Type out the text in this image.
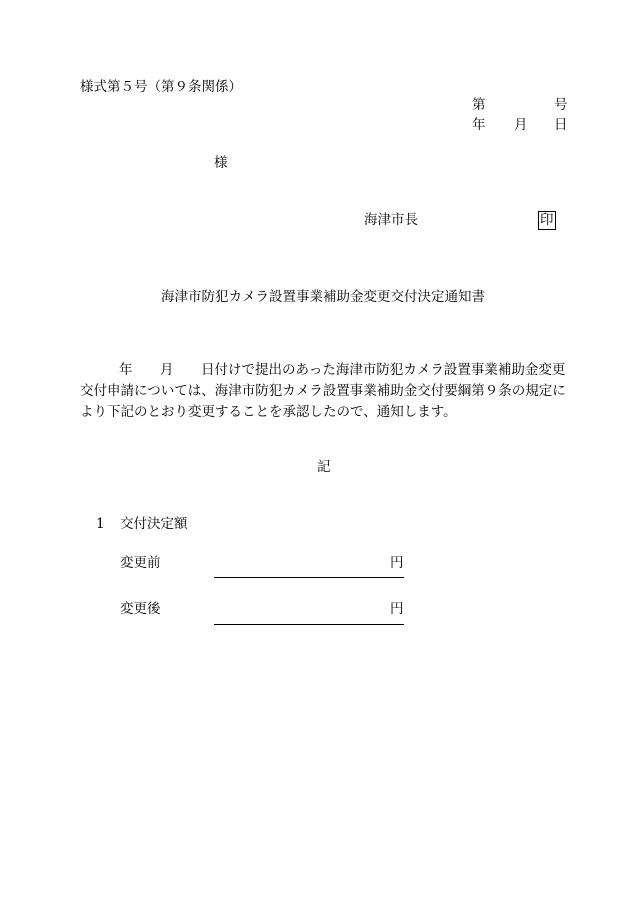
様式第５号（第９条関係）
第	号
年 月 日
様
海津市長	印
海津市防犯カメラ設置事業補助金変更交付決定通知書
年 月 日付けで提出のあった海津市防犯カメラ設置事業補助金変更
交付申請については、海津市防犯カメラ設置事業補助金交付要綱第９条の規定に
より下記のとおり変更することを承認したので、通知します。
記
1 交付決定額
変更前	円
変更後	円
